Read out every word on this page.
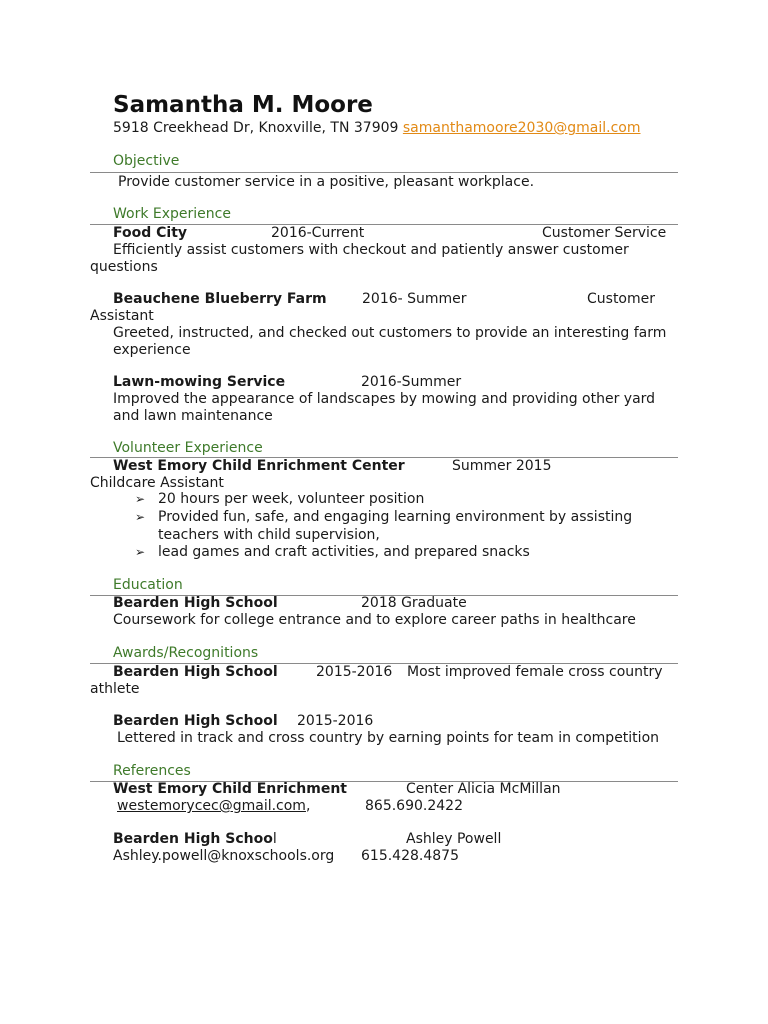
Samantha M. Moore
5918 Creekhead Dr, Knoxville, TN 37909 samanthamoore2030@gmail.com
Objective
Provide customer service in a positive, pleasant workplace.
Work Experience
Food City	2016-Current	Customer Service
Efficiently assist customers with checkout and patiently answer customer
questions
Beauchene Blueberry Farm	2016- Summer	Customer
Assistant
Greeted, instructed, and checked out customers to provide an interesting farm
experience
Lawn-mowing Service	2016-Summer
Improved the appearance of landscapes by mowing and providing other yard
and lawn maintenance
Volunteer Experience
West Emory Child Enrichment Center	Summer 2015
Childcare Assistant
➢ 20 hours per week, volunteer position
➢ Provided fun, safe, and engaging learning environment by assisting
teachers with child supervision,
➢ lead games and craft activities, and prepared snacks
Education
Bearden High School	2018 Graduate
Coursework for college entrance and to explore career paths in healthcare
Awards/Recognitions
Bearden High School	2015-2016 Most improved female cross country
athlete
Bearden High School 2015-2016
Lettered in track and cross country by earning points for team in competition
References
West Emory Child Enrichment	Center Alicia McMillan
westemorycec@gmail.com,	865.690.2422
Bearden High School	Ashley Powell
Ashley.powell@knoxschools.org 615.428.4875
